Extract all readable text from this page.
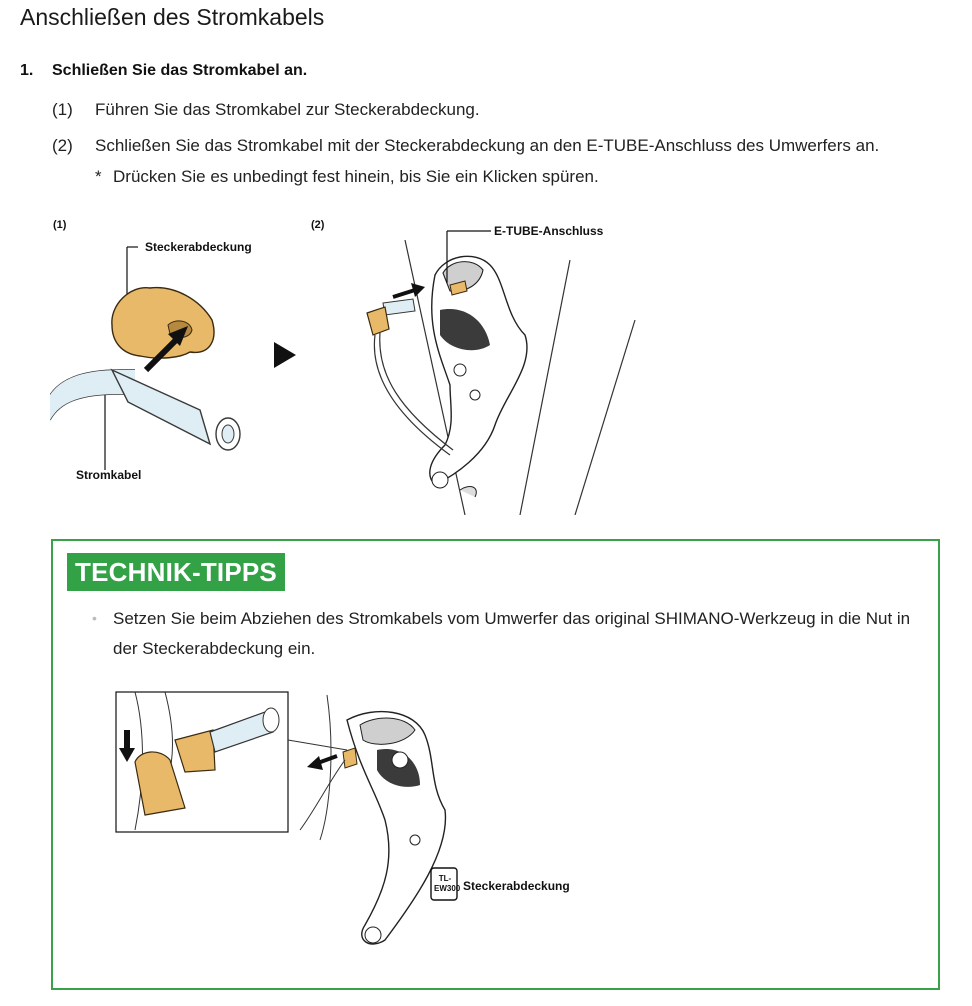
Anschließen des Stromkabels
1. Schließen Sie das Stromkabel an.
(1) Führen Sie das Stromkabel zur Steckerabdeckung.
(2) Schließen Sie das Stromkabel mit der Steckerabdeckung an den E-TUBE-Anschluss des Umwerfers an.
* Drücken Sie es unbedingt fest hinein, bis Sie ein Klicken spüren.
(1)
Steckerabdeckung
Stromkabel
(2)	E-TUBE-Anschluss
TECHNIK-TIPPS
• Setzen Sie beim Abziehen des Stromkabels vom Umwerfer das original SHIMANO-Werkzeug in die Nut in der Steckerabdeckung ein.
TL-
EW300 Steckerabdeckung
